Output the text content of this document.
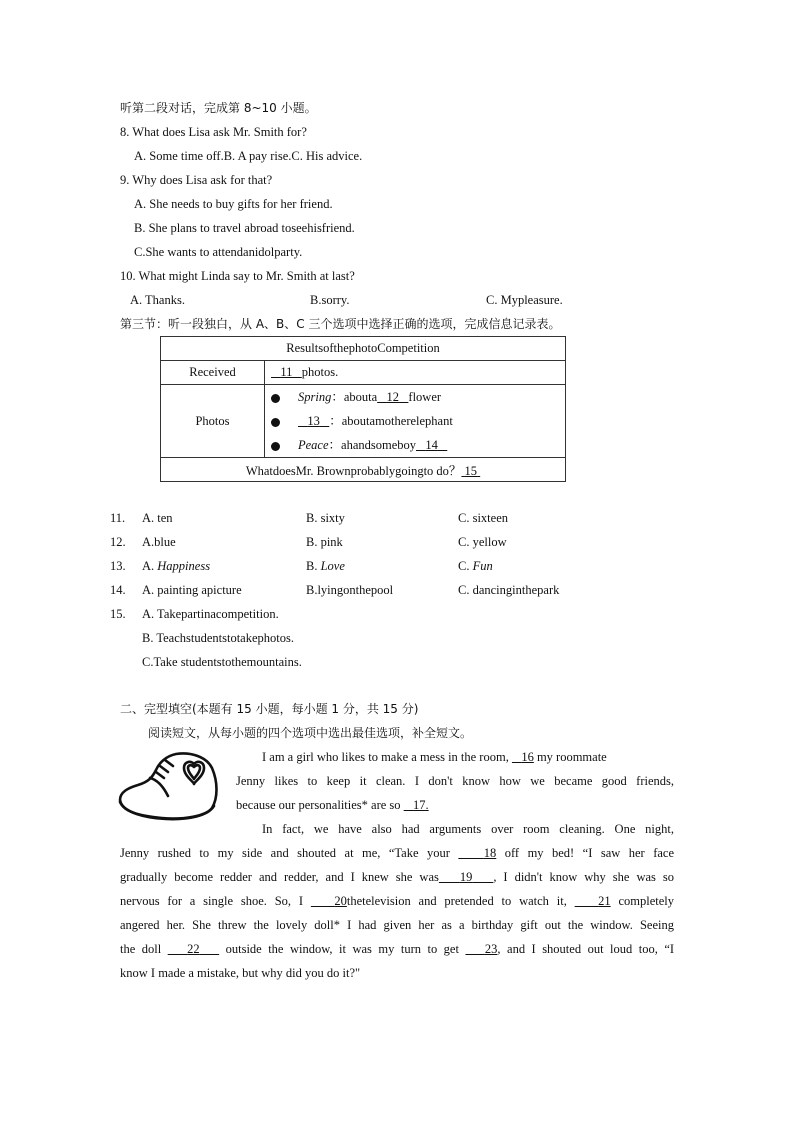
听第二段对话，完成第 8~10 小题。
8. What does Lisa ask Mr. Smith for?
A. Some time off.B. A pay rise.C. His advice.
9. Why does Lisa ask for that?
A. She needs to buy gifts for her friend.
B. She plans to travel abroad toseehisfriend.
C.She wants to attendanidolparty.
10. What might Linda say to Mr. Smith at last?
A. Thanks.	B.sorry.	C. Mypleasure.
第三节：听一段独白，从 A、B、C 三个选项中选择正确的选项，完成信息记录表。
ResultsofthephotoCompetition	
Received	11 photos.
Photos	Spring：abouta 12 flower
13 ：aboutamotherelephant
Peace：ahandsomeboy 14

WhatdoesMr. Brownprobablygoingto do？ 15	
11. A. ten	B. sixty	C. sixteen
12. A.blue	B. pink	C. yellow
13. A. Happiness	B. Love	C. Fun
14. A. painting apicture	B.lyingonthepool	C. dancinginthepark
15. A. Takepartinacompetition.
B. Teachstudentstotakephotos.
C.Take studentstothemountains.
二、完型填空(本题有 15 小题，每小题 1 分，共 15 分)
阅读短文，从每小题的四个选项中选出最佳选项，补全短文。
I am a girl who likes to make a mess in the room,    16 my roommate
Jenny likes to keep it clean. I don't know how we became good friends,
because our personalities* are so    17.
In fact, we have also had arguments over room cleaning. One night,
Jenny rushed to my side and shouted at me, “Take your    18 off my bed! “I saw her face
gradually become redder and redder, and I knew she was 19 , I didn't know why she was so
nervous for a single shoe. So, I    20thetelevision and pretended to watch it,    21 completely
angered her. She threw the lovely doll* I had given her as a birthday gift out the window. Seeing
the doll    22    outside the window, it was my turn to get    23, and I shouted out loud too, “I
know I made a mistake, but why did you do it?"
